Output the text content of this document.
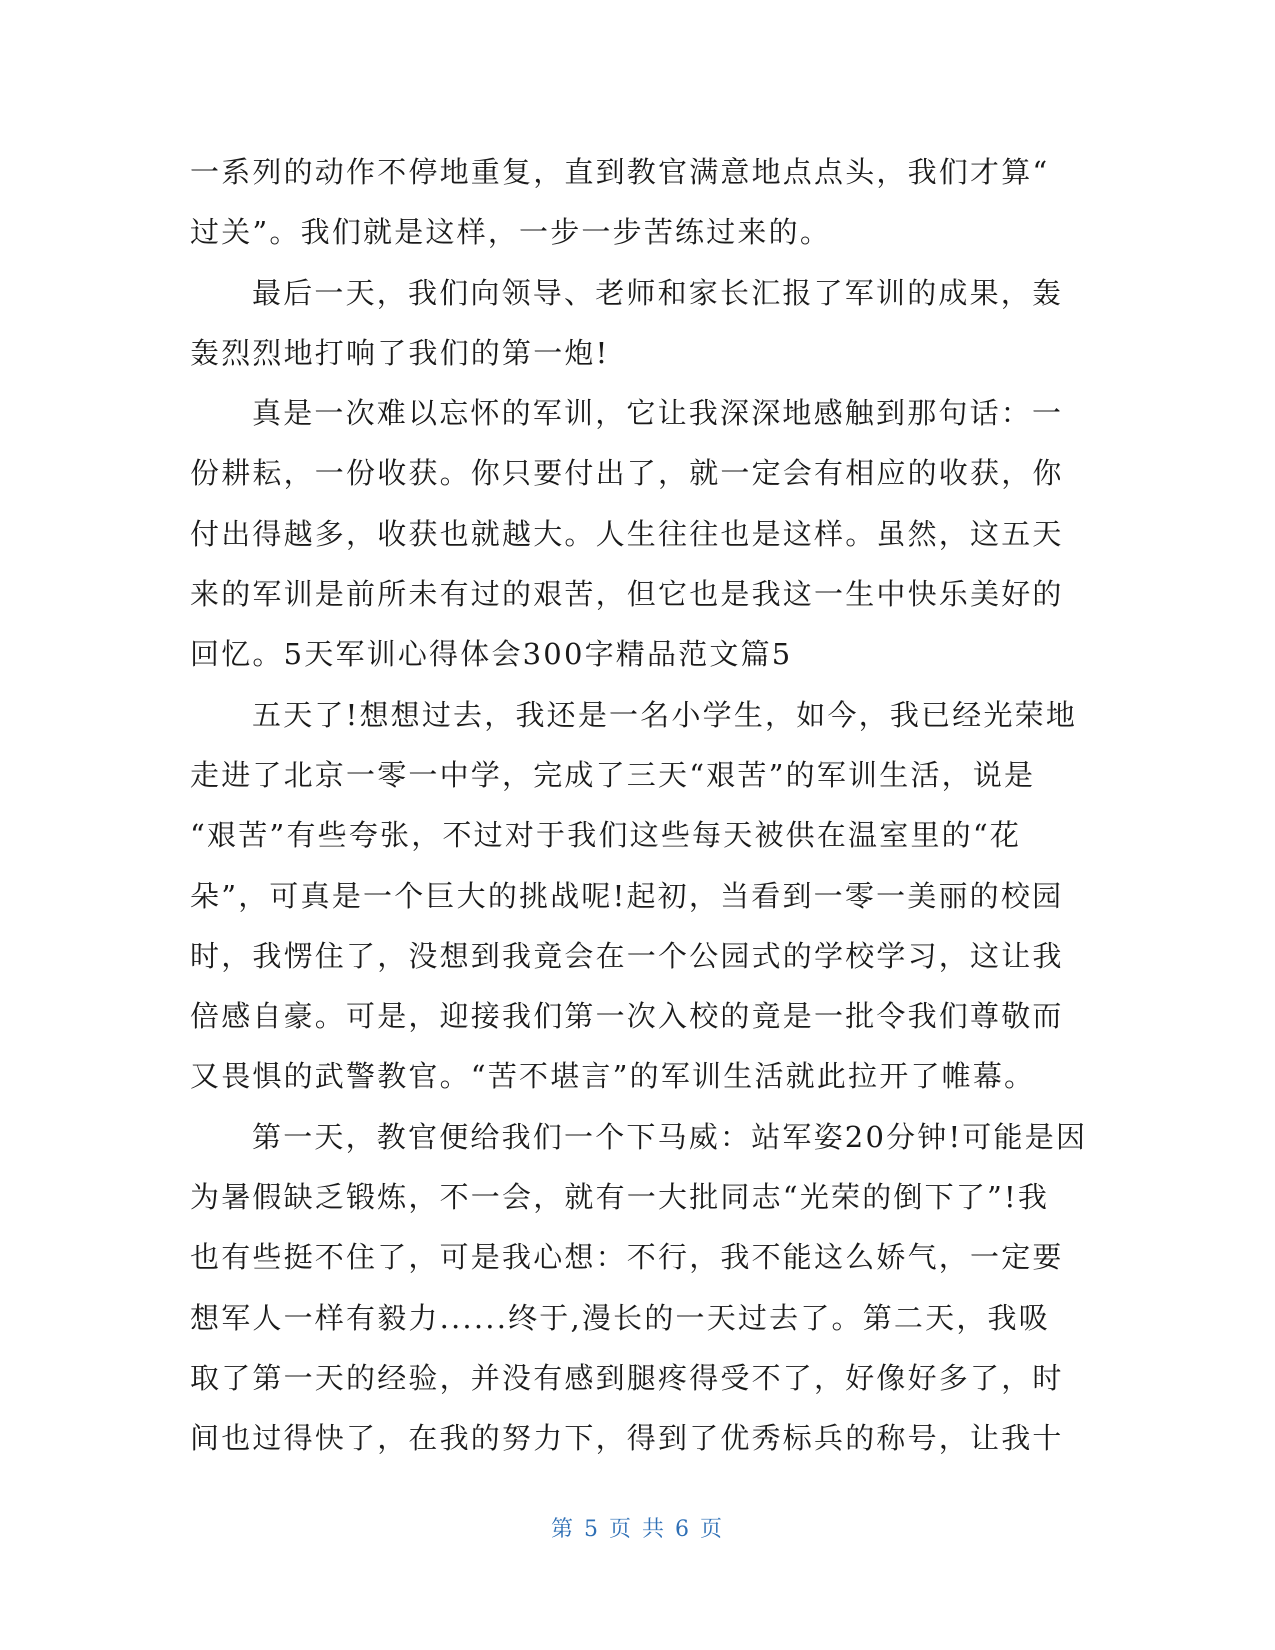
一系列的动作不停地重复，直到教官满意地点点头，我们才算“
过关”。我们就是这样，一步一步苦练过来的。
最后一天，我们向领导、老师和家长汇报了军训的成果，轰
轰烈烈地打响了我们的第一炮!
真是一次难以忘怀的军训，它让我深深地感触到那句话：一
份耕耘，一份收获。你只要付出了，就一定会有相应的收获，你
付出得越多，收获也就越大。人生往往也是这样。虽然，这五天
来的军训是前所未有过的艰苦，但它也是我这一生中快乐美好的
回忆。5天军训心得体会300字精品范文篇5
五天了!想想过去，我还是一名小学生，如今，我已经光荣地
走进了北京一零一中学，完成了三天“艰苦”的军训生活，说是
“艰苦”有些夸张，不过对于我们这些每天被供在温室里的“花
朵”，可真是一个巨大的挑战呢!起初，当看到一零一美丽的校园
时，我愣住了，没想到我竟会在一个公园式的学校学习，这让我
倍感自豪。可是，迎接我们第一次入校的竟是一批令我们尊敬而
又畏惧的武警教官。“苦不堪言”的军训生活就此拉开了帷幕。
第一天，教官便给我们一个下马威：站军姿20分钟!可能是因
为暑假缺乏锻炼，不一会，就有一大批同志“光荣的倒下了”!我
也有些挺不住了，可是我心想：不行，我不能这么娇气，一定要
想军人一样有毅力......终于,漫长的一天过去了。第二天，我吸
取了第一天的经验，并没有感到腿疼得受不了，好像好多了，时
间也过得快了，在我的努力下，得到了优秀标兵的称号，让我十
第 5 页 共 6 页
